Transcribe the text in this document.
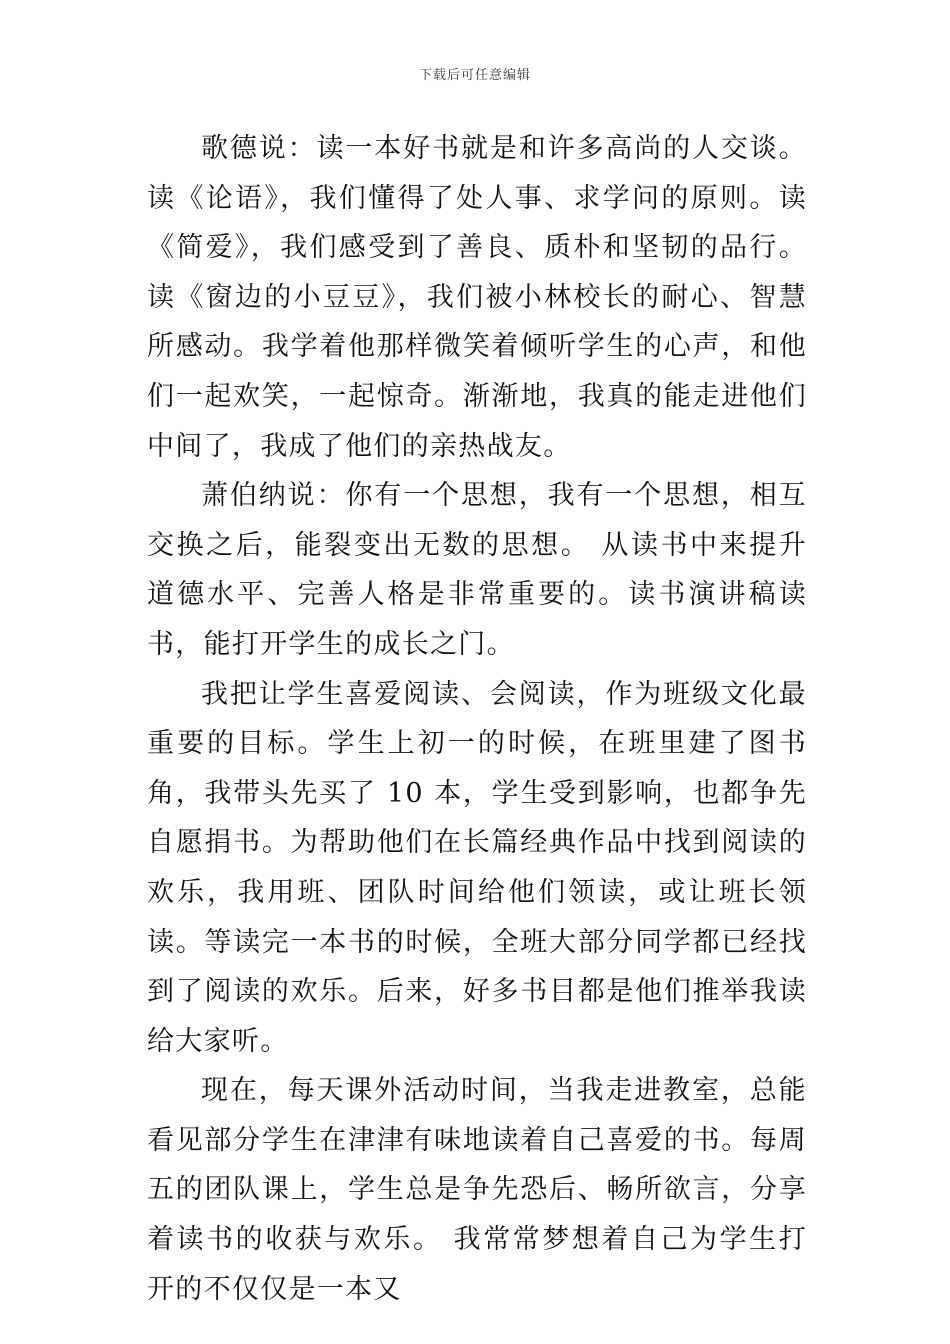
下载后可任意编辑

歌德说：读一本好书就是和许多高尚的人交谈。读《论语》，我们懂得了处人事、求学问的原则。读《简爱》，我们感受到了善良、质朴和坚韧的品行。读《窗边的小豆豆》，我们被小林校长的耐心、智慧所感动。我学着他那样微笑着倾听学生的心声，和他们一起欢笑，一起惊奇。渐渐地，我真的能走进他们中间了，我成了他们的亲热战友。

萧伯纳说：你有一个思想，我有一个思想，相互交换之后，能裂变出无数的思想。 从读书中来提升道德水平、完善人格是非常重要的。读书演讲稿读书，能打开学生的成长之门。

我把让学生喜爱阅读、会阅读，作为班级文化最重要的目标。学生上初一的时候，在班里建了图书角，我带头先买了 10 本，学生受到影响，也都争先自愿捐书。为帮助他们在长篇经典作品中找到阅读的欢乐，我用班、团队时间给他们领读，或让班长领读。等读完一本书的时候，全班大部分同学都已经找到了阅读的欢乐。后来，好多书目都是他们推举我读给大家听。

现在，每天课外活动时间，当我走进教室，总能看见部分学生在津津有味地读着自己喜爱的书。每周五的团队课上，学生总是争先恐后、畅所欲言，分享着读书的收获与欢乐。 我常常梦想着自己为学生打开的不仅仅是一本又
